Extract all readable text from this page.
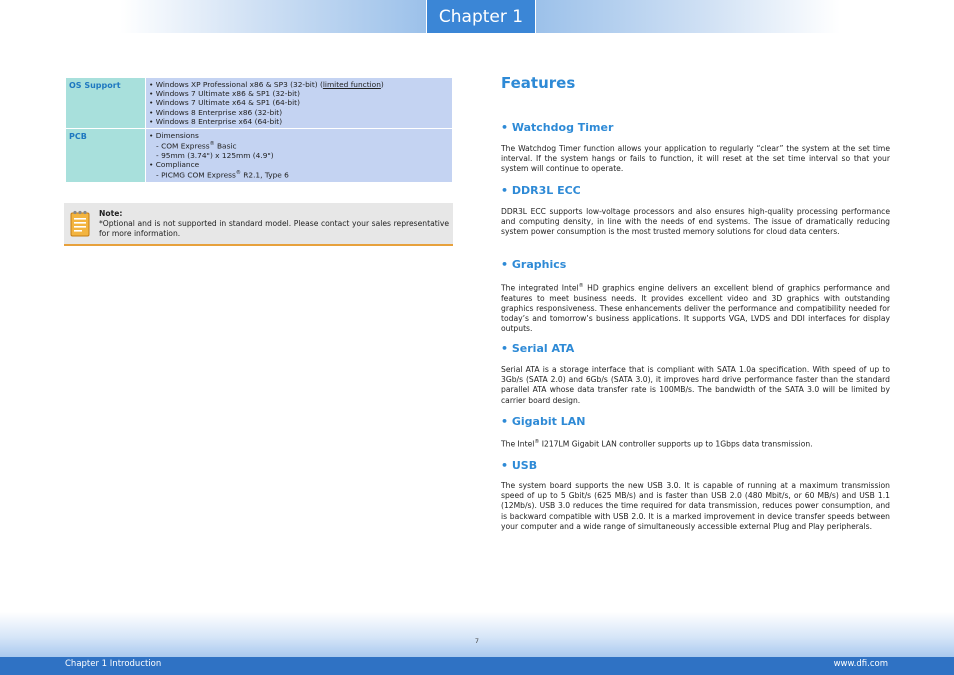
Chapter 1
OS Support	• Windows XP Professional x86 & SP3 (32-bit) (limited function)
• Windows 7 Ultimate x86 & SP1 (32-bit)
• Windows 7 Ultimate x64 & SP1 (64-bit)
• Windows 8 Enterprise x86 (32-bit)
• Windows 8 Enterprise x64 (64-bit)

PCB	• Dimensions
- COM Express® Basic
- 95mm (3.74") x 125mm (4.9")
• Compliance
- PICMG COM Express® R2.1, Type 6
Note:
*Optional and is not supported in standard model. Please contact your sales representative for more information.
Features
• Watchdog Timer
The Watchdog Timer function allows your application to regularly “clear” the system at the set time interval. If the system hangs or fails to function, it will reset at the set time interval so that your system will continue to operate.
• DDR3L ECC
DDR3L ECC supports low-voltage processors and also ensures high-quality processing performance and computing density, in line with the needs of end systems. The issue of dramatically reducing system power consumption is the most trusted memory solutions for cloud data centers.
• Graphics
The integrated Intel® HD graphics engine delivers an excellent blend of graphics performance and features to meet business needs. It provides excellent video and 3D graphics with outstanding graphics responsiveness. These enhancements deliver the performance and compatibility needed for today’s and tomorrow’s business applications. It supports VGA, LVDS and DDI interfaces for display outputs.
• Serial ATA
Serial ATA is a storage interface that is compliant with SATA 1.0a specification. With speed of up to 3Gb/s (SATA 2.0) and 6Gb/s (SATA 3.0), it improves hard drive performance faster than the standard parallel ATA whose data transfer rate is 100MB/s. The bandwidth of the SATA 3.0 will be limited by carrier board design.
• Gigabit LAN
The Intel® I217LM Gigabit LAN controller supports up to 1Gbps data transmission.
• USB
The system board supports the new USB 3.0. It is capable of running at a maximum transmission speed of up to 5 Gbit/s (625 MB/s) and is faster than USB 2.0 (480 Mbit/s, or 60 MB/s) and USB 1.1 (12Mb/s). USB 3.0 reduces the time required for data transmission, reduces power consumption, and is backward compatible with USB 2.0. It is a marked improvement in device transfer speeds between your computer and a wide range of simultaneously accessible external Plug and Play peripherals.
7
Chapter 1 Introduction	www.dfi.com
